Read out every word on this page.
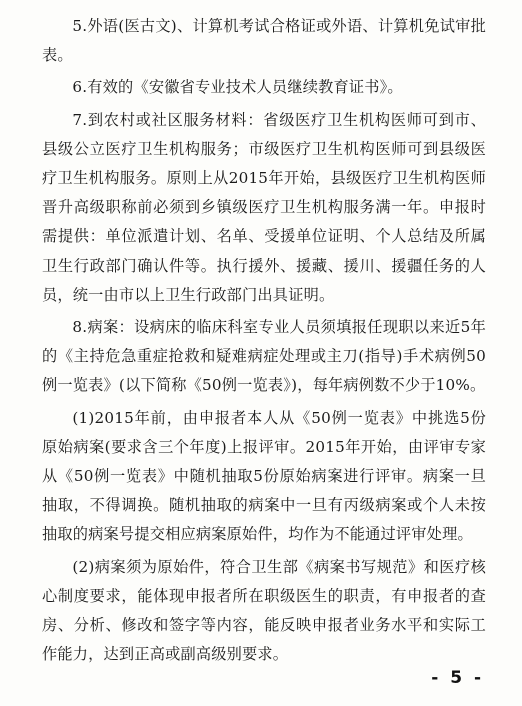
5.外语(医古文)、计算机考试合格证或外语、计算机免试审批表。

6.有效的《安徽省专业技术人员继续教育证书》。

7.到农村或社区服务材料：省级医疗卫生机构医师可到市、县级公立医疗卫生机构服务；市级医疗卫生机构医师可到县级医疗卫生机构服务。原则上从2015年开始，县级医疗卫生机构医师晋升高级职称前必须到乡镇级医疗卫生机构服务满一年。申报时需提供：单位派遣计划、名单、受援单位证明、个人总结及所属卫生行政部门确认件等。执行援外、援藏、援川、援疆任务的人员，统一由市以上卫生行政部门出具证明。

8.病案：设病床的临床科室专业人员须填报任现职以来近5年的《主持危急重症抢救和疑难病症处理或主刀(指导)手术病例50例一览表》(以下简称《50例一览表》)，每年病例数不少于10%。

(1)2015年前，由申报者本人从《50例一览表》中挑选5份原始病案(要求含三个年度)上报评审。2015年开始，由评审专家从《50例一览表》中随机抽取5份原始病案进行评审。病案一旦抽取，不得调换。随机抽取的病案中一旦有丙级病案或个人未按抽取的病案号提交相应病案原始件，均作为不能通过评审处理。

(2)病案须为原始件，符合卫生部《病案书写规范》和医疗核心制度要求，能体现申报者所在职级医生的职责，有申报者的查房、分析、修改和签字等内容，能反映申报者业务水平和实际工作能力，达到正高或副高级别要求。

- 5 -
